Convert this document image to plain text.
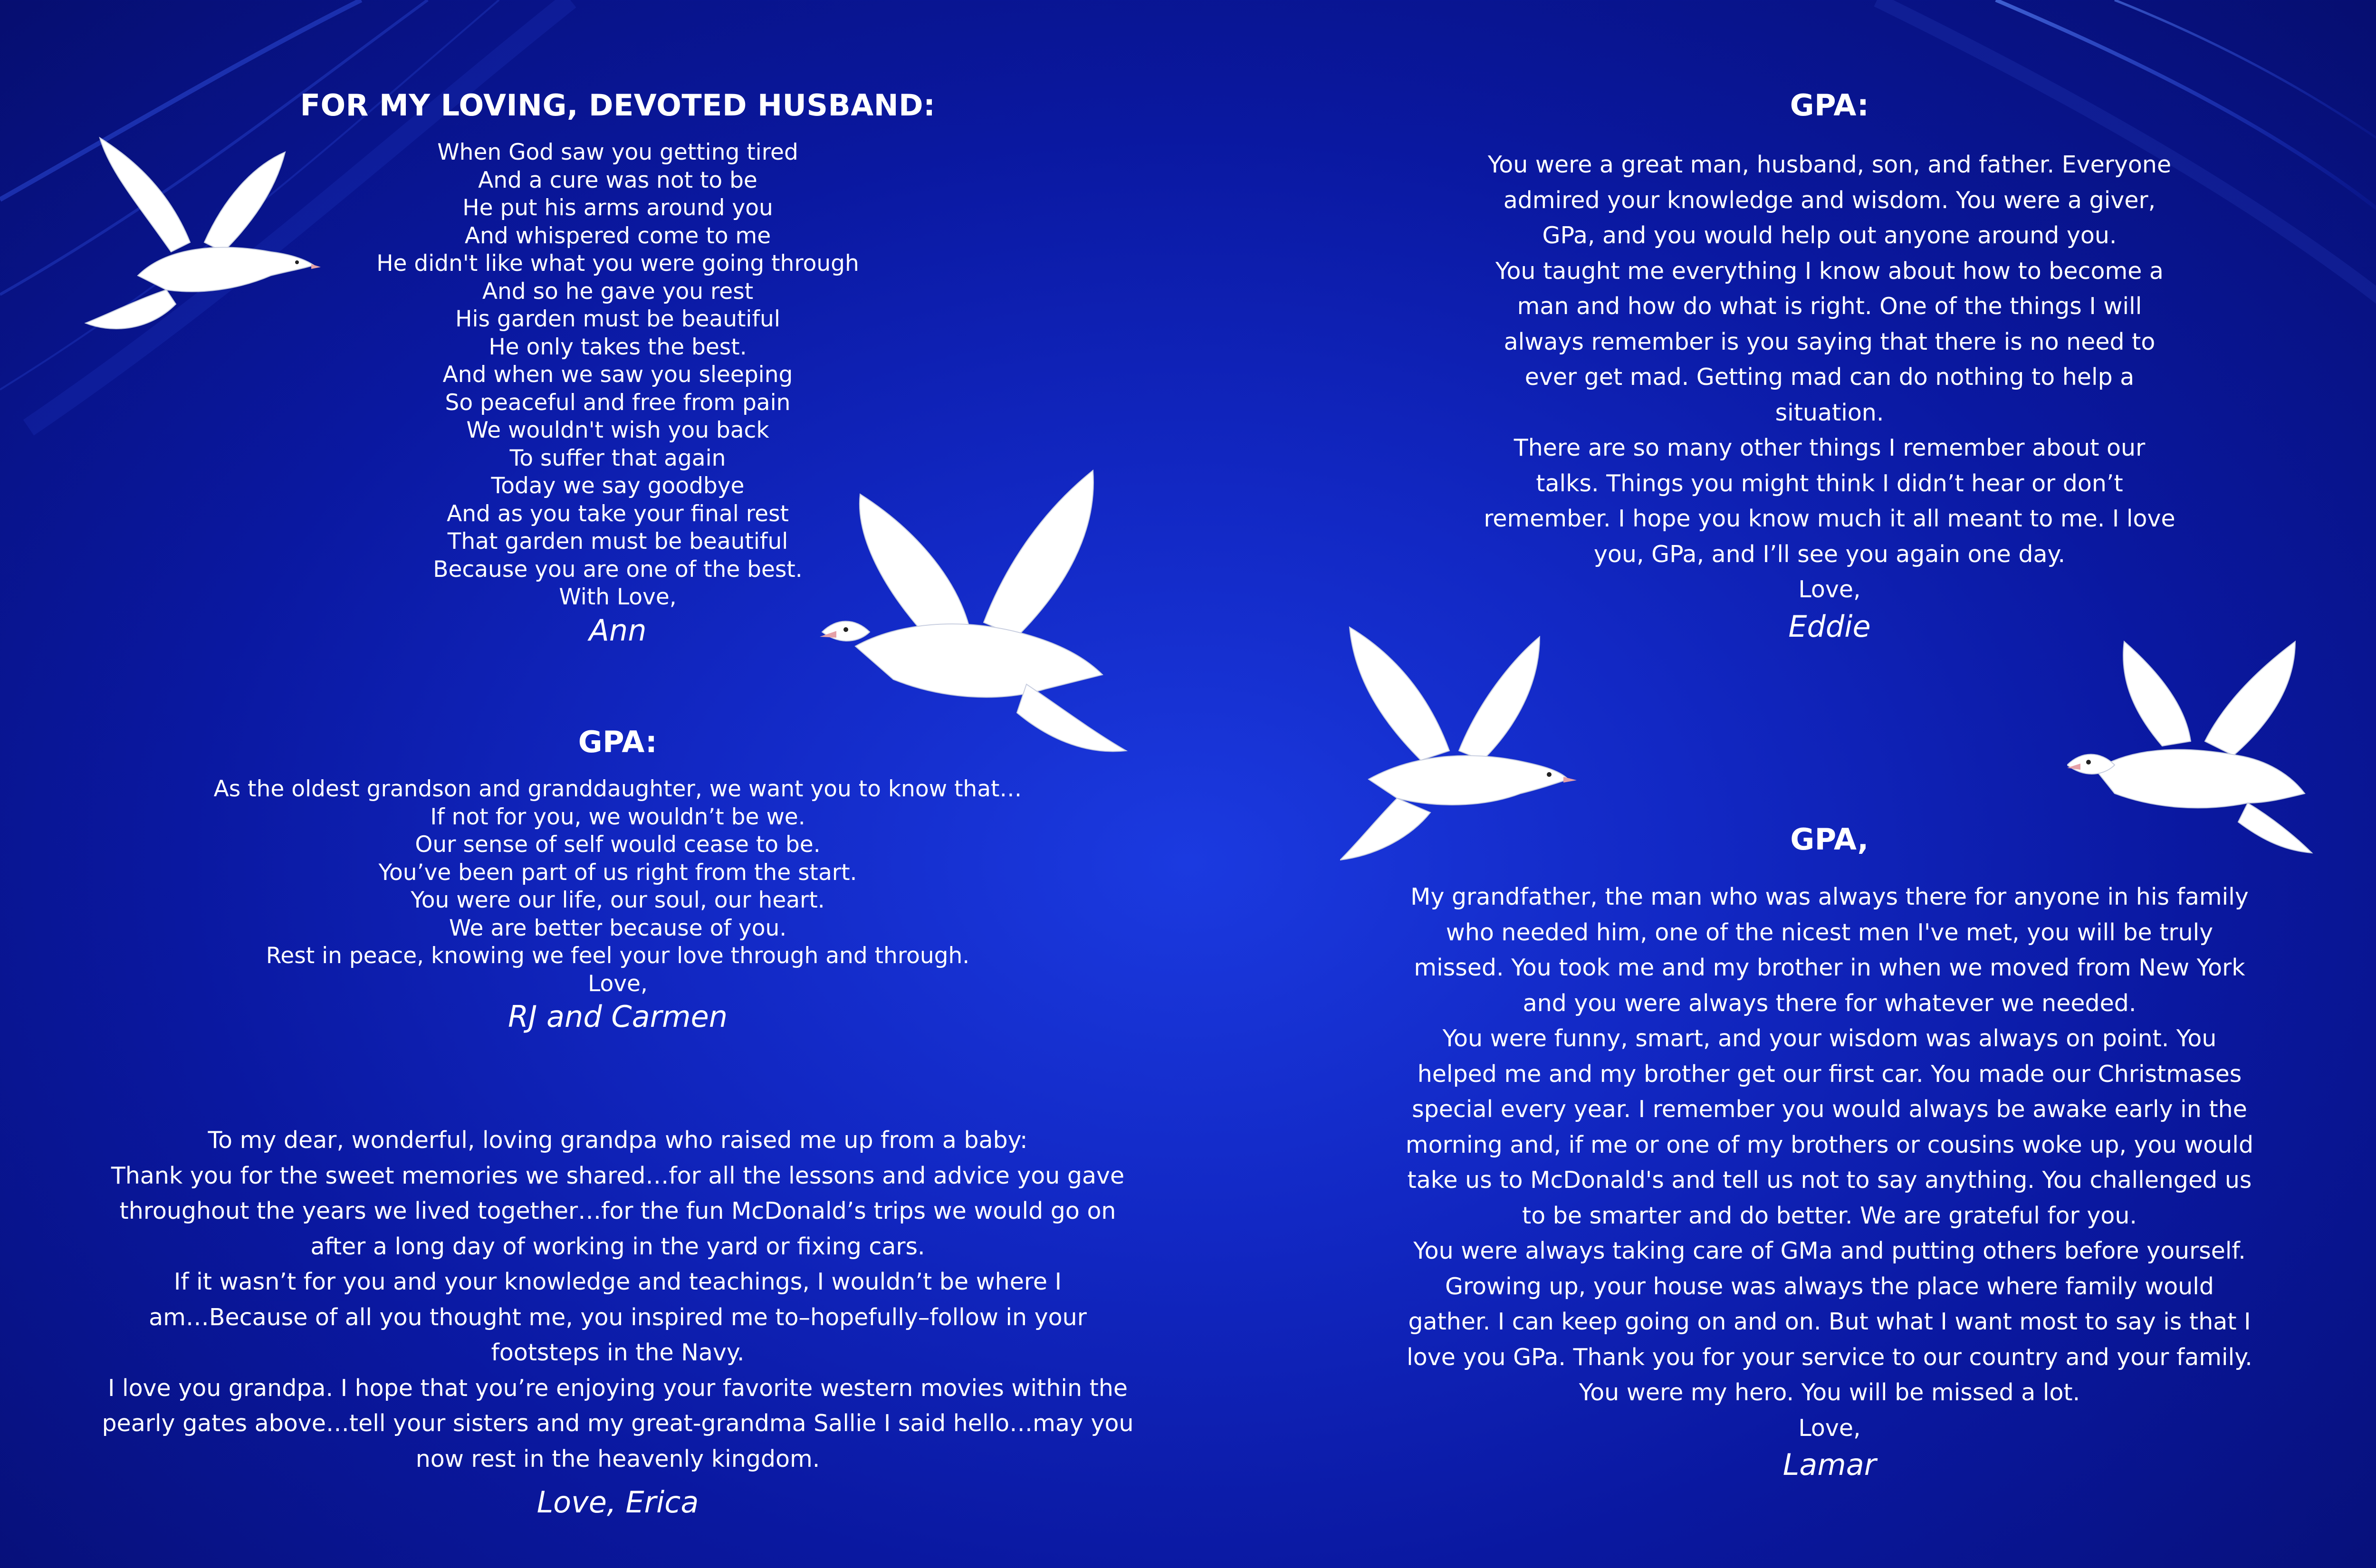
FOR MY LOVING, DEVOTED HUSBAND:
When God saw you getting tired
And a cure was not to be
He put his arms around you
And whispered come to me
He didn't like what you were going through
And so he gave you rest
His garden must be beautiful
He only takes the best.
And when we saw you sleeping
So peaceful and free from pain
We wouldn't wish you back
To suffer that again
Today we say goodbye
And as you take your final rest
That garden must be beautiful
Because you are one of the best.
With Love,
Ann
GPA:
As the oldest grandson and granddaughter, we want you to know that…
If not for you, we wouldn’t be we.
Our sense of self would cease to be.
You’ve been part of us right from the start.
You were our life, our soul, our heart.
We are better because of you.
Rest in peace, knowing we feel your love through and through.
Love,
RJ and Carmen
To my dear, wonderful, loving grandpa who raised me up from a baby:
Thank you for the sweet memories we shared…for all the lessons and advice you gave
throughout the years we lived together…for the fun McDonald’s trips we would go on
after a long day of working in the yard or fixing cars.
If it wasn’t for you and your knowledge and teachings, I wouldn’t be where I
am…Because of all you thought me, you inspired me to–hopefully–follow in your
footsteps in the Navy.
I love you grandpa. I hope that you’re enjoying your favorite western movies within the
pearly gates above…tell your sisters and my great-grandma Sallie I said hello…may you
now rest in the heavenly kingdom.
Love, Erica
GPA:
You were a great man, husband, son, and father. Everyone
admired your knowledge and wisdom. You were a giver,
GPa, and you would help out anyone around you.
You taught me everything I know about how to become a
man and how do what is right. One of the things I will
always remember is you saying that there is no need to
ever get mad. Getting mad can do nothing to help a
situation.
There are so many other things I remember about our
talks. Things you might think I didn’t hear or don’t
remember. I hope you know much it all meant to me. I love
you, GPa, and I’ll see you again one day.
Love,
Eddie
GPA,
My grandfather, the man who was always there for anyone in his family
who needed him, one of the nicest men I've met, you will be truly
missed. You took me and my brother in when we moved from New York
and you were always there for whatever we needed.
You were funny, smart, and your wisdom was always on point. You
helped me and my brother get our first car. You made our Christmases
special every year. I remember you would always be awake early in the
morning and, if me or one of my brothers or cousins woke up, you would
take us to McDonald's and tell us not to say anything. You challenged us
to be smarter and do better. We are grateful for you.
You were always taking care of GMa and putting others before yourself.
Growing up, your house was always the place where family would
gather. I can keep going on and on. But what I want most to say is that I
love you GPa. Thank you for your service to our country and your family.
You were my hero. You will be missed a lot.
Love,
Lamar
